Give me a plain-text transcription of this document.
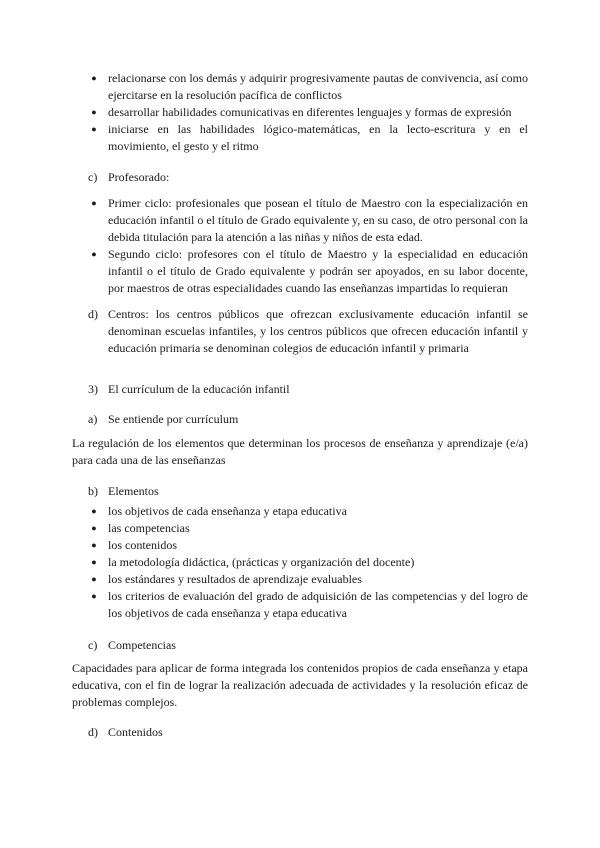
● relacionarse con los demás y adquirir progresivamente pautas de convivencia, así como ejercitarse en la resolución pacífica de conflictos
● desarrollar habilidades comunicativas en diferentes lenguajes y formas de expresión
● iniciarse en las habilidades lógico-matemáticas, en la lecto-escritura y en el movimiento, el gesto y el ritmo
c) Profesorado:
● Primer ciclo: profesionales que posean el título de Maestro con la especialización en educación infantil o el título de Grado equivalente y, en su caso, de otro personal con la debida titulación para la atención a las niñas y niños de esta edad.
● Segundo ciclo: profesores con el título de Maestro y la especialidad en educación infantil o el título de Grado equivalente y podrán ser apoyados, en su labor docente, por maestros de otras especialidades cuando las enseñanzas impartidas lo requieran
d) Centros: los centros públicos que ofrezcan exclusivamente educación infantil se denominan escuelas infantiles, y los centros públicos que ofrecen educación infantil y educación primaria se denominan colegios de educación infantil y primaria
3) El currículum de la educación infantil
a) Se entiende por currículum
La regulación de los elementos que determinan los procesos de enseñanza y aprendizaje (e/a) para cada una de las enseñanzas
b) Elementos
● los objetivos de cada enseñanza y etapa educativa
● las competencias
● los contenidos
● la metodología didáctica, (prácticas y organización del docente)
● los estándares y resultados de aprendizaje evaluables
● los criterios de evaluación del grado de adquisición de las competencias y del logro de los objetivos de cada enseñanza y etapa educativa
c) Competencias
Capacidades para aplicar de forma integrada los contenidos propios de cada enseñanza y etapa educativa, con el fin de lograr la realización adecuada de actividades y la resolución eficaz de problemas complejos.
d) Contenidos
